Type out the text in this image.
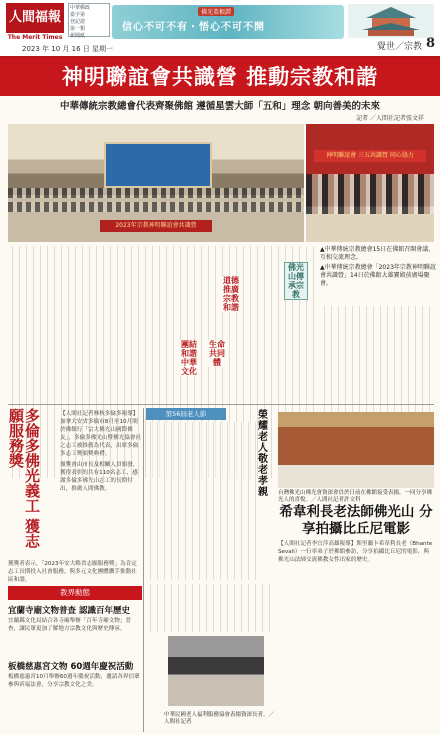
人間福報
The Merit Times
中華郵政
臺字第
登記證
第一類
新聞紙
2023 年 10 月 16 日 星期一
佛光菜根譚
信心不可不有・悟心不可不開
覺世／宗教 8
神明聯誼會共識營 推動宗教和諧
中華傳統宗教總會代表齊聚佛館 遵循星雲大師「五和」理念 朝向善美的未來
記者 ／人間社記者張文祥
2023年宗教神明聯誼會共識營
神明聯誼會 三五共識營 同心協力

▲中華傳統宗教總會15日在佛館召開會議，互相交流理念。

▲中華傳統宗教總會「2023年宗教神明聯誼會共識營」14日於佛館大雄寶殿前廣場聚會。

道德推廣宗教和諧
團結和諧中華文化
生命共同體
佛光山傳承宗教
多倫多佛光義工 獲志願服務獎	【人間社記者林秋多倫多報導】加拿大安省多倫市8月至10月間於佛館行「宗大佛光山國際佛友」，多倫多佛光山暨佛光協會社之志工被推薦為代表，出席多倫多志工獎頒獎典禮。

頒獎會由市長及相關人員頒發，獲得表彰的共有110名志工，感謝多倫多佛光山志工的長期付出，推廣人間佛教。

獲獎者表示，「2023年安大略省志願服務獎」為肯定志工長期投入社會服務，與多元文化團體攜手推動社區和諧。
教界動態
宜蘭寺廟文物普查 認識百年歷史
宜蘭縣文化局結合各寺廟舉辦「百年寺廟文物」普查，讓民眾更加了解地方宗教文化與歷史傳承。
板橋慈惠宮文物 60週年慶祝活動
板橋慈惠宮10月舉辦60週年慶祝活動，邀請各界信眾參與祈福法會，分享宗教文化之美。
第56屆老人節	榮耀老人 敬老孝親
中華民國老人福利服務協會表揚資深長者。／人間社記者
台灣佛光山佛光會資深會員於日前在佛館接受表揚，一同分享佛光人的喜悅。／人間社記者許文科
希韋利長老法師佛光山 分享拍攝比丘尼電影
【人間社記者李宜萍高雄報導】斯里蘭卡希韋利長老（Bhante Sevali）一行率弟子於佛館參訪，分享拍攝比丘尼的電影，與佛光山法師交流佛教女性出家的歷史。
